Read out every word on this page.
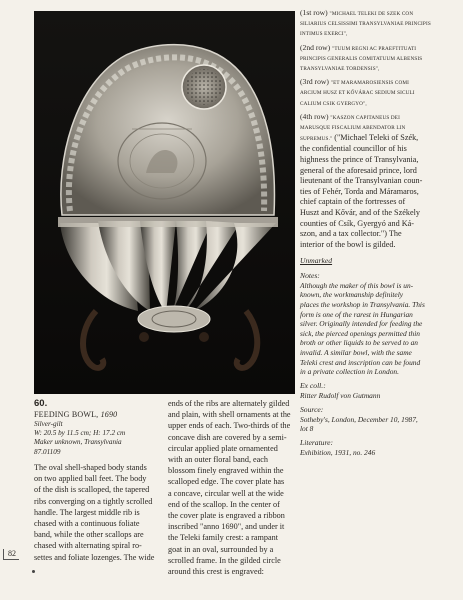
(1st row) "MICHAEL TELEKI DE SZEK CON
SILIARIUS CELSISSIMI TRANSYLVANIAE PRINCIPIS
INTIMUS EXERCI",
(2nd row) "TUUM REGNI AC PRAEFTITUATI
PRINCIPIS GENERALIS COMITATUUM ALBENSIS
TRANSYLVANIAE TORDENSIS",
(3rd row) "ET MARAMAROSIENSIS COMI
ARCIUM HUSZ ET KŐVÁRAC SEDIUM SICULI
CALIUM CSIK GYERGYO",
(4th row) "KASZON CAPITANEUS DEI
MARUSQUE FISCALIUM ABENDATOR LIN
SUPREMUS." ("Michael Teleki of Szék,
the confidential councillor of his
highness the prince of Transylvania,
general of the aforesaid prince, lord
lieutenant of the Transylvanian coun-
ties of Fehér, Torda and Máramaros,
chief captain of the fortresses of
Huszt and Kővár, and of the Székely
counties of Csík, Gyergyó and Ká-
szon, and a tax collector.") The
interior of the bowl is gilded.
Unmarked
Notes:
Although the maker of this bowl is un-
known, the workmanship definitely
places the workshop in Transylvania. This
form is one of the rarest in Hungarian
silver. Originally intended for feeding the
sick, the pierced openings permitted thin
broth or other liquids to be served to an
invalid. A similar bowl, with the same
Teleki crest and inscription can be found
in a private collection in London.
Ex coll.:
Ritter Rudolf von Gutmann
Source:
Sotheby's, London, December 10, 1987,
lot 8
Literature:
Exhibition, 1931, no. 246
60.
FEEDING BOWL, 1690
Silver-gilt
W: 20.5 by 11.5 cm; H: 17.2 cm
Maker unknown, Transylvania
87.01109
The oval shell-shaped body stands
on two applied ball feet. The body
of the dish is scalloped, the tapered
ribs converging on a tightly scrolled
handle. The largest middle rib is
chased with a continuous foliate
band, while the other scallops are
chased with alternating spiral ro-
settes and foliate lozenges. The wide
ends of the ribs are alternately gilded
and plain, with shell ornaments at the
upper ends of each. Two-thirds of the
concave dish are covered by a semi-
circular applied plate ornamented
with an outer floral band, each
blossom finely engraved within the
scalloped edge. The cover plate has
a concave, circular well at the wide
end of the scallop. In the center of
the cover plate is engraved a ribbon
inscribed "anno 1690", and under it
the Teleki family crest: a rampant
goat in an oval, surrounded by a
scrolled frame. In the gilded circle
around this crest is engraved:
82
